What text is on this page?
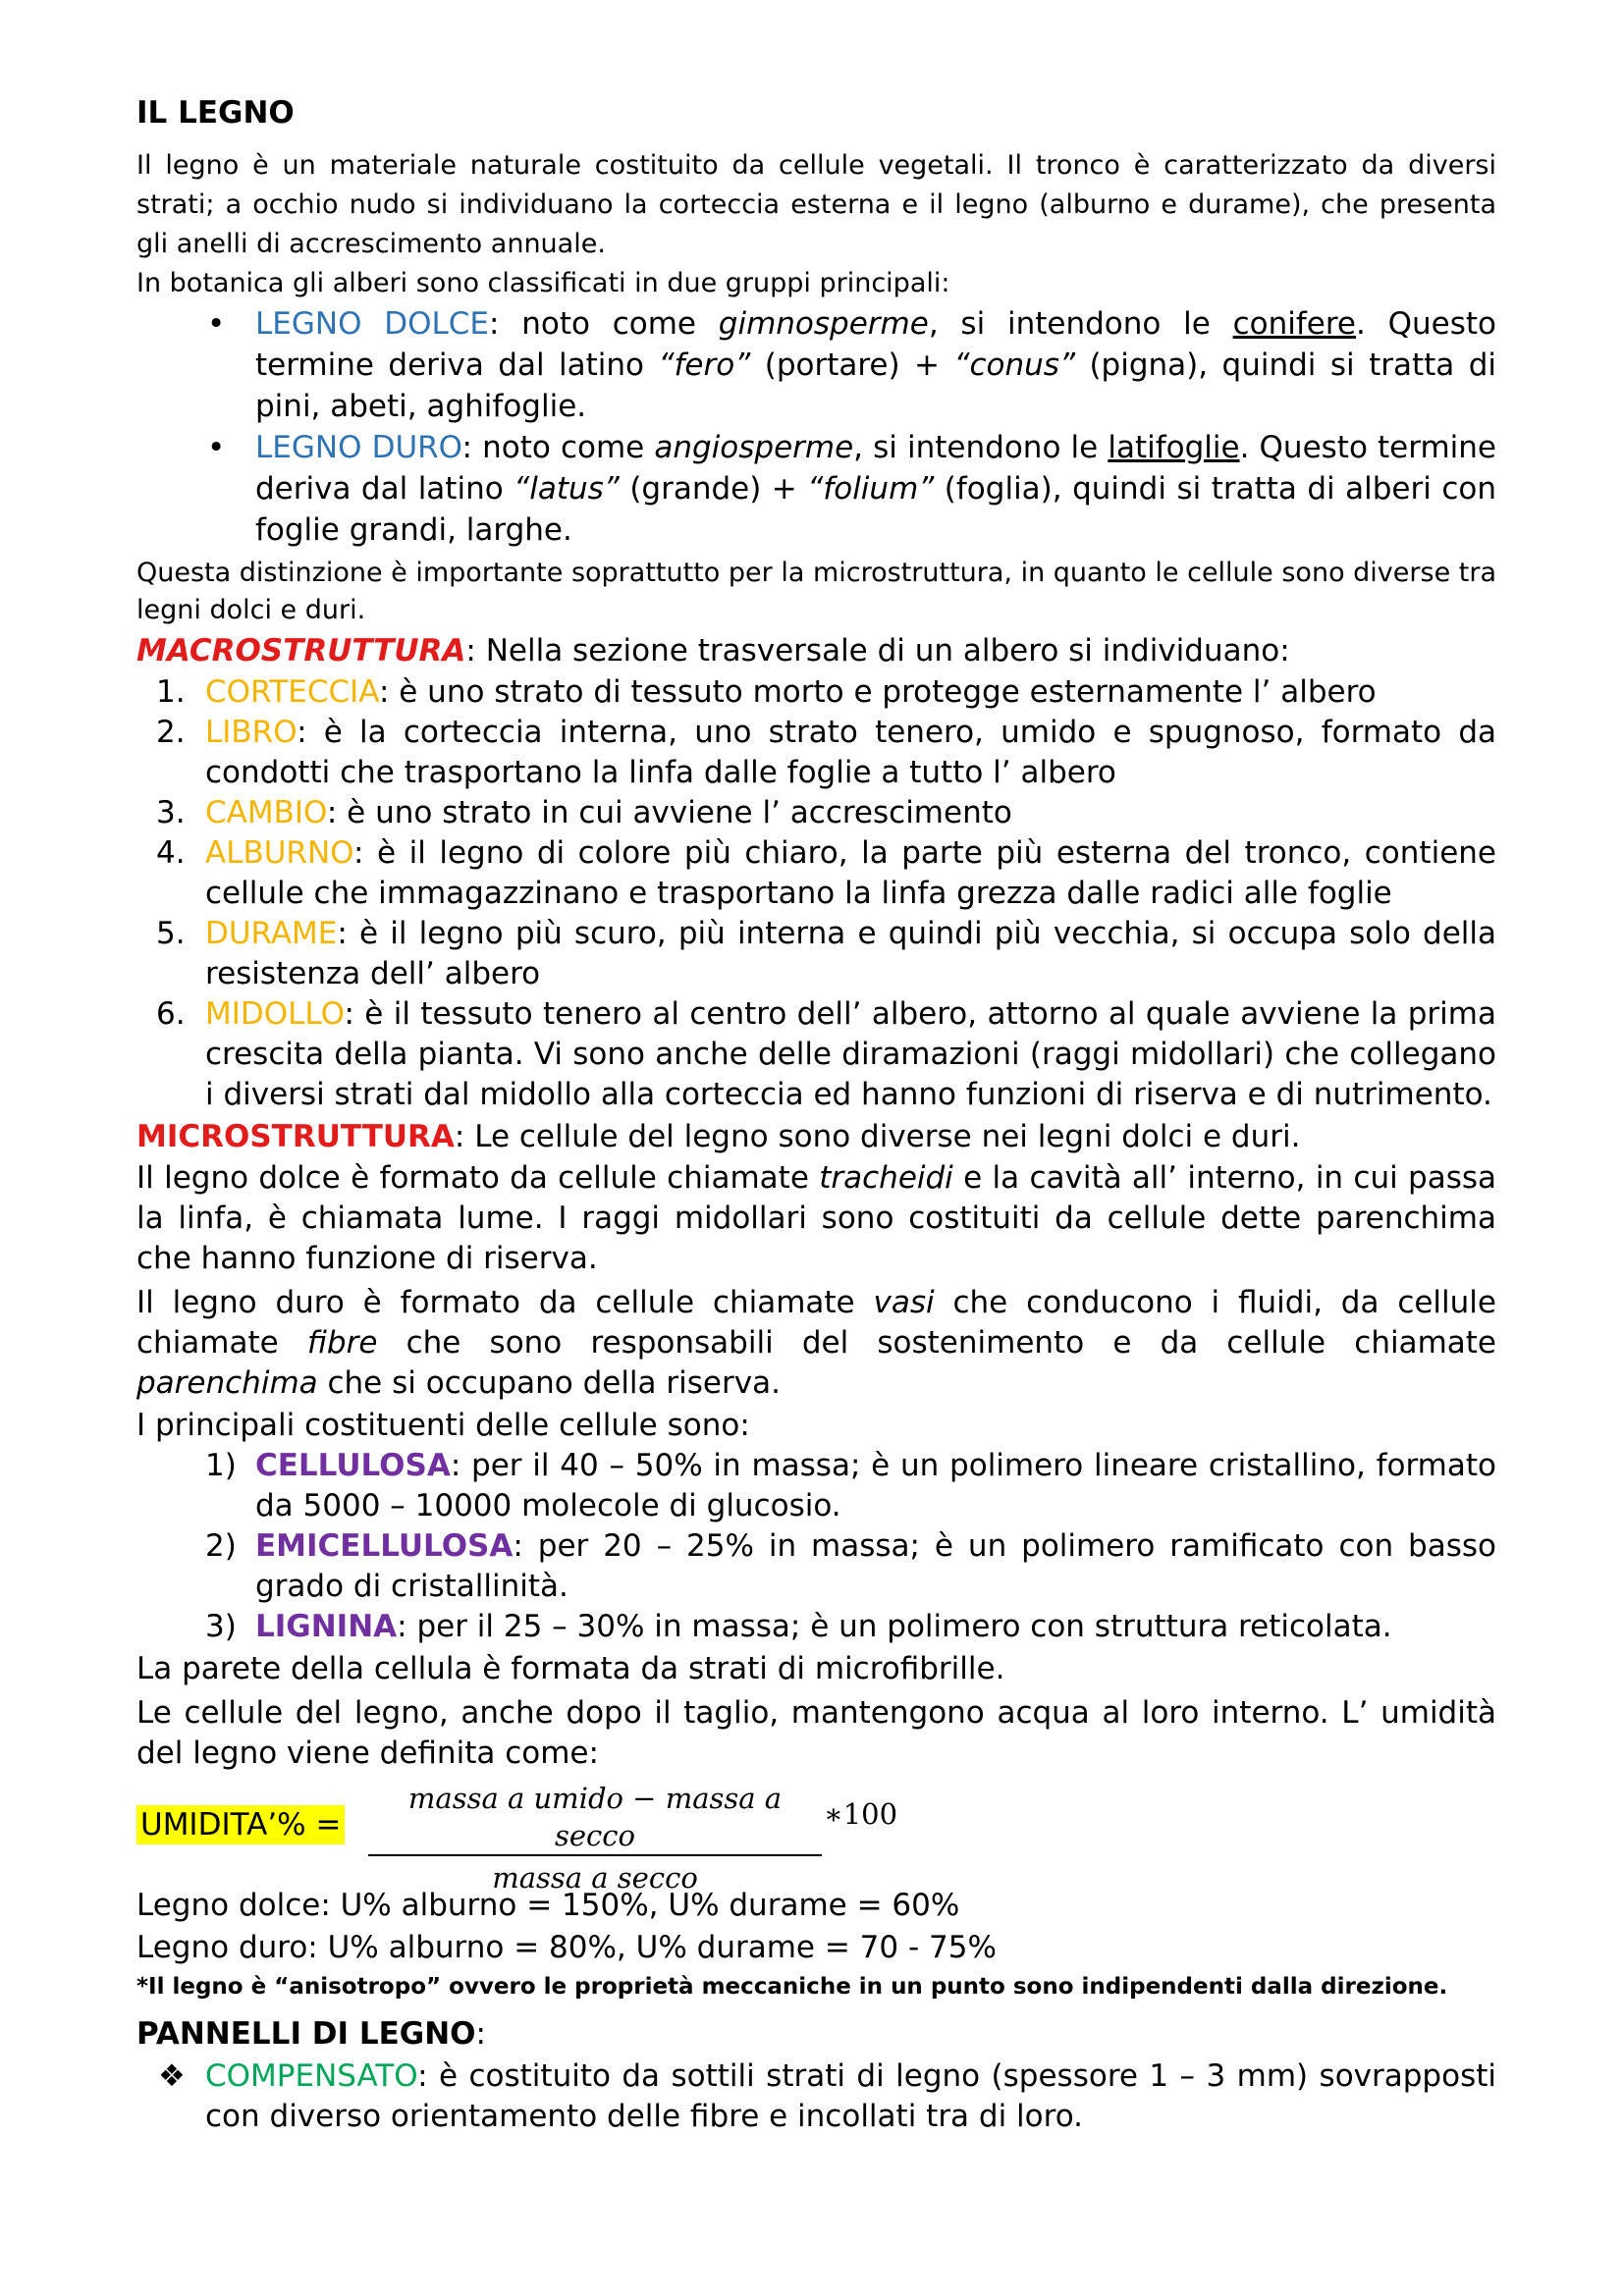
IL LEGNO

Il legno è un materiale naturale costituito da cellule vegetali. Il tronco è caratterizzato da diversi strati; a occhio nudo si individuano la corteccia esterna e il legno (alburno e durame), che presenta gli anelli di accrescimento annuale.

In botanica gli alberi sono classificati in due gruppi principali:

• LEGNO DOLCE: noto come gimnosperme, si intendono le conifere. Questo termine deriva dal latino “fero” (portare) + “conus” (pigna), quindi si tratta di pini, abeti, aghifoglie.
• LEGNO DURO: noto come angiosperme, si intendono le latifoglie. Questo termine deriva dal latino “latus” (grande) + “folium” (foglia), quindi si tratta di alberi con foglie grandi, larghe.

Questa distinzione è importante soprattutto per la microstruttura, in quanto le cellule sono diverse tra legni dolci e duri.

MACROSTRUTTURA: Nella sezione trasversale di un albero si individuano:

1. CORTECCIA: è uno strato di tessuto morto e protegge esternamente l’ albero
2. LIBRO: è la corteccia interna, uno strato tenero, umido e spugnoso, formato da condotti che trasportano la linfa dalle foglie a tutto l’ albero
3. CAMBIO: è uno strato in cui avviene l’ accrescimento
4. ALBURNO: è il legno di colore più chiaro, la parte più esterna del tronco, contiene cellule che immagazzinano e trasportano la linfa grezza dalle radici alle foglie
5. DURAME: è il legno più scuro, più interna e quindi più vecchia, si occupa solo della resistenza dell’ albero
6. MIDOLLO: è il tessuto tenero al centro dell’ albero, attorno al quale avviene la prima crescita della pianta. Vi sono anche delle diramazioni (raggi midollari) che collegano i diversi strati dal midollo alla corteccia ed hanno funzioni di riserva e di nutrimento.

MICROSTRUTTURA: Le cellule del legno sono diverse nei legni dolci e duri.

Il legno dolce è formato da cellule chiamate tracheidi e la cavità all’ interno, in cui passa la linfa, è chiamata lume. I raggi midollari sono costituiti da cellule dette parenchima che hanno funzione di riserva.

Il legno duro è formato da cellule chiamate vasi che conducono i fluidi, da cellule chiamate fibre che sono responsabili del sostenimento e da cellule chiamate parenchima che si occupano della riserva.

I principali costituenti delle cellule sono:

1) CELLULOSA: per il 40 – 50% in massa; è un polimero lineare cristallino, formato da 5000 – 10000 molecole di glucosio.
2) EMICELLULOSA: per 20 – 25% in massa; è un polimero ramificato con basso grado di cristallinità.
3) LIGNINA: per il 25 – 30% in massa; è un polimero con struttura reticolata.

La parete della cellula è formata da strati di microfibrille.

Le cellule del legno, anche dopo il taglio, mantengono acqua al loro interno. L’ umidità del legno viene definita come:

UMIDITA’% =
massa a umido − massa a secco
massa a secco
∗100

Legno dolce: U% alburno = 150%, U% durame = 60%

Legno duro: U% alburno = 80%, U% durame = 70 - 75%

*Il legno è “anisotropo” ovvero le proprietà meccaniche in un punto sono indipendenti dalla direzione.

PANNELLI DI LEGNO:
❖ COMPENSATO: è costituito da sottili strati di legno (spessore 1 – 3 mm) sovrapposti con diverso orientamento delle fibre e incollati tra di loro.
